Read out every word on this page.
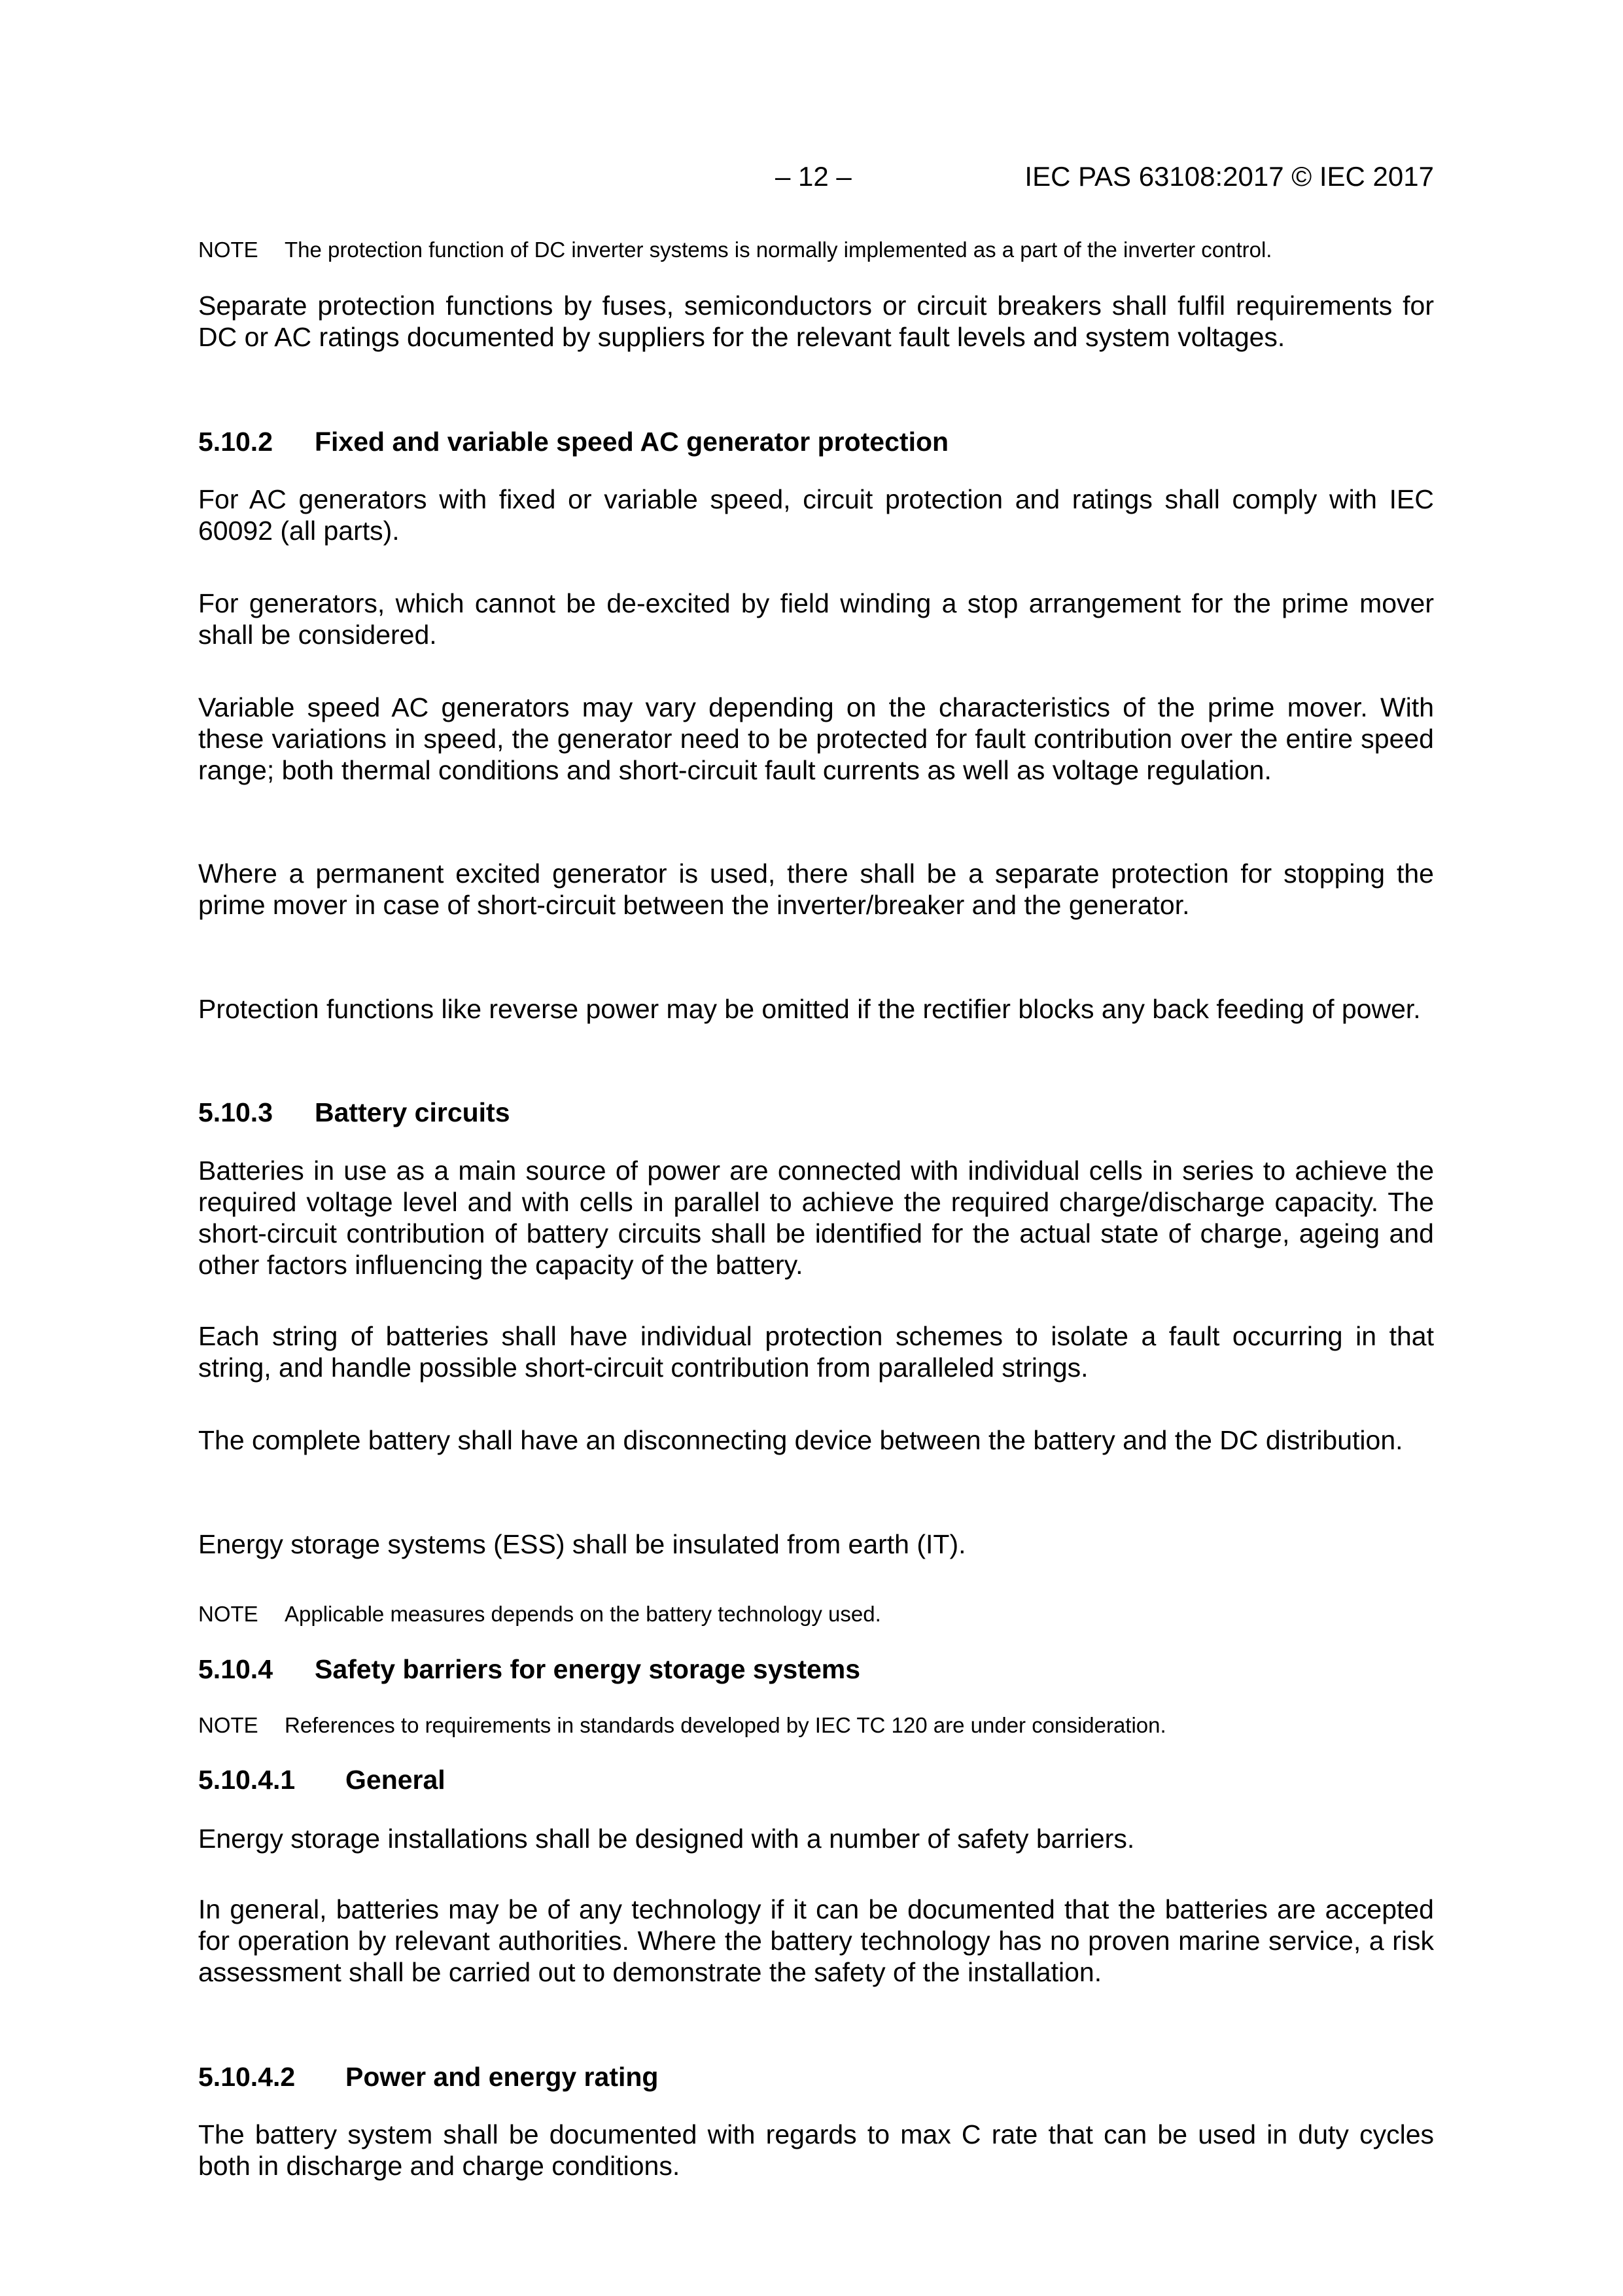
– 12 –	IEC PAS 63108:2017 © IEC 2017

NOTE The protection function of DC inverter systems is normally implemented as a part of the inverter control.

Separate protection functions by fuses, semiconductors or circuit breakers shall fulfil requirements for DC or AC ratings documented by suppliers for the relevant fault levels and system voltages.

5.10.2 Fixed and variable speed AC generator protection

For AC generators with fixed or variable speed, circuit protection and ratings shall comply with IEC 60092 (all parts).

For generators, which cannot be de-excited by field winding a stop arrangement for the prime mover shall be considered.

Variable speed AC generators may vary depending on the characteristics of the prime mover. With these variations in speed, the generator need to be protected for fault contribution over the entire speed range; both thermal conditions and short-circuit fault currents as well as voltage regulation.

Where a permanent excited generator is used, there shall be a separate protection for stopping the prime mover in case of short-circuit between the inverter/breaker and the generator.

Protection functions like reverse power may be omitted if the rectifier blocks any back feeding of power.

5.10.3 Battery circuits

Batteries in use as a main source of power are connected with individual cells in series to achieve the required voltage level and with cells in parallel to achieve the required charge/discharge capacity. The short-circuit contribution of battery circuits shall be identified for the actual state of charge, ageing and other factors influencing the capacity of the battery.

Each string of batteries shall have individual protection schemes to isolate a fault occurring in that string, and handle possible short-circuit contribution from paralleled strings.

The complete battery shall have an disconnecting device between the battery and the DC distribution.

Energy storage systems (ESS) shall be insulated from earth (IT).

NOTE Applicable measures depends on the battery technology used.

5.10.4 Safety barriers for energy storage systems

NOTE References to requirements in standards developed by IEC TC 120 are under consideration.

5.10.4.1 General

Energy storage installations shall be designed with a number of safety barriers.

In general, batteries may be of any technology if it can be documented that the batteries are accepted for operation by relevant authorities. Where the battery technology has no proven marine service, a risk assessment shall be carried out to demonstrate the safety of the installation.

5.10.4.2 Power and energy rating

The battery system shall be documented with regards to max C rate that can be used in duty cycles both in discharge and charge conditions.
